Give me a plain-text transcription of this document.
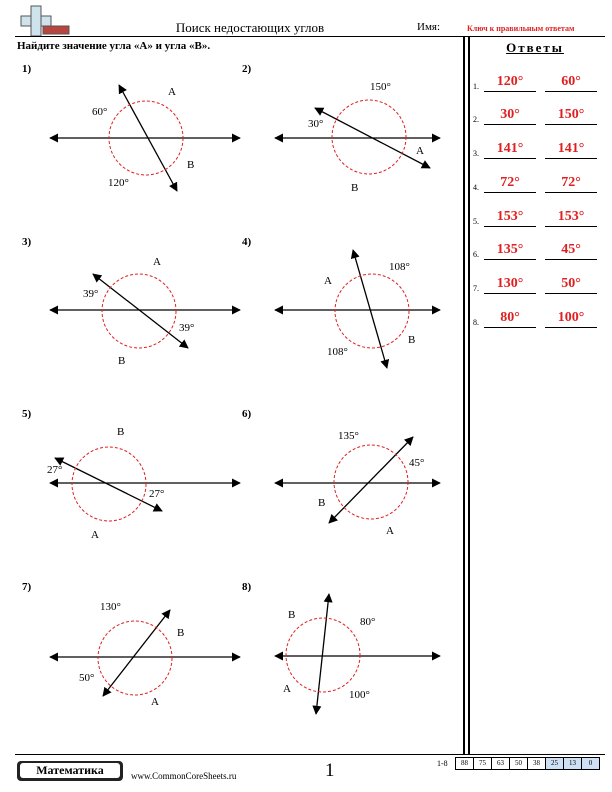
Поиск недостающих углов	Имя:	Ключ к правильным ответам
Найдите значение угла «A» и угла «B».	Ответы
1.	120°	60°
2.	30°	150°
3.	141°	141°
4.	72°	72°
5.	153°	153°
6.	135°	45°
7.	130°	50°
8.	80°	100°
1)
60°
A
B
120°
2)
150°
30°
A
B
3)
A
39°
39°
B
4)
108°
A
B
108°
5)
B
27°
27°
A
6)
135°
45°
B
A
7)
130°
B
50°
A
8)
B
80°
A	100°
Математика	www.CommonCoreSheets.ru	1	1-8	88	75	63	50	38	25	13	0
